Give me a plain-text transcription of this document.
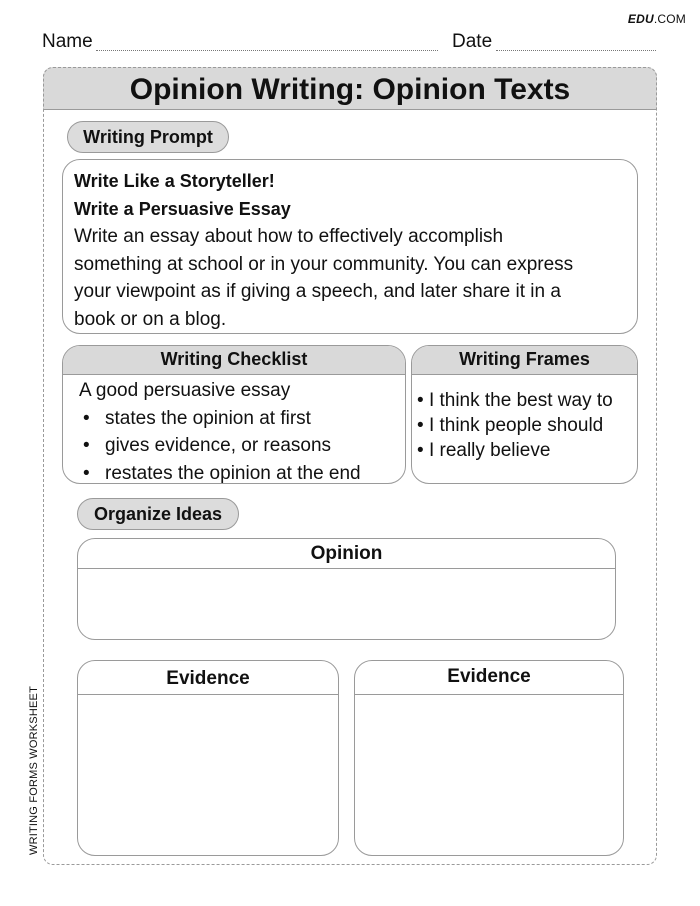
EDU.COM
Name	Date
Opinion Writing: Opinion Texts
Writing Prompt
Write Like a Storyteller!
Write a Persuasive Essay
Write an essay about how to effectively accomplish
something at school or in your community. You can express
your viewpoint as if giving a speech, and later share it in a
book or on a blog.
Writing Checklist
A good persuasive essay
• states the opinion at first
• gives evidence, or reasons
• restates the opinion at the end
Writing Frames
• I think the best way to
• I think people should
• I really believe
Organize Ideas
Opinion
Evidence	Evidence
WRITING FORMS WORKSHEET
